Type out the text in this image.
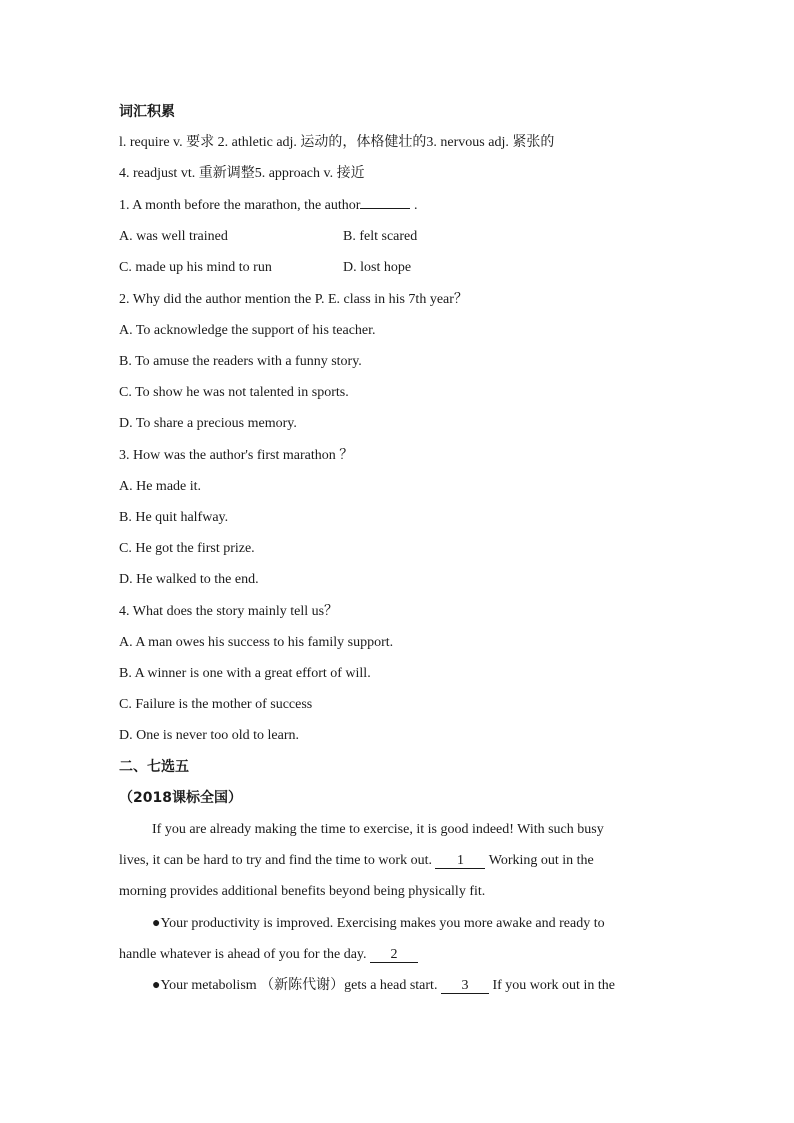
词汇积累
l. require v. 要求 2. athletic adj. 运动的，体格健壮的3. nervous adj. 紧张的
4. readjust vt. 重新调整5. approach v. 接近
1. A month before the marathon, the author	.
A. was well trained	B. felt scared
C. made up his mind to run	D. lost hope
2. Why did the author mention the P. E. class in his 7th year？
A. To acknowledge the support of his teacher.
B. To amuse the readers with a funny story.
C. To show he was not talented in sports.
D. To share a precious memory.
3. How was the author's first marathon ？
A. He made it.
B. He quit halfway.
C. He got the first prize.
D. He walked to the end.
4. What does the story mainly tell us？
A. A man owes his success to his family support.
B. A winner is one with a great effort of will.
C. Failure is the mother of success
D. One is never too old to learn.
二、七选五
（2018课标全国）
If you are already making the time to exercise, it is good indeed! With such busy
lives, it can be hard to try and find the time to work out. 1 Working out in the
morning provides additional benefits beyond being physically fit.
●Your productivity is improved. Exercising makes you more awake and ready to
handle whatever is ahead of you for the day. 2
●Your metabolism （新陈代谢）gets a head start. 3 If you work out in the
